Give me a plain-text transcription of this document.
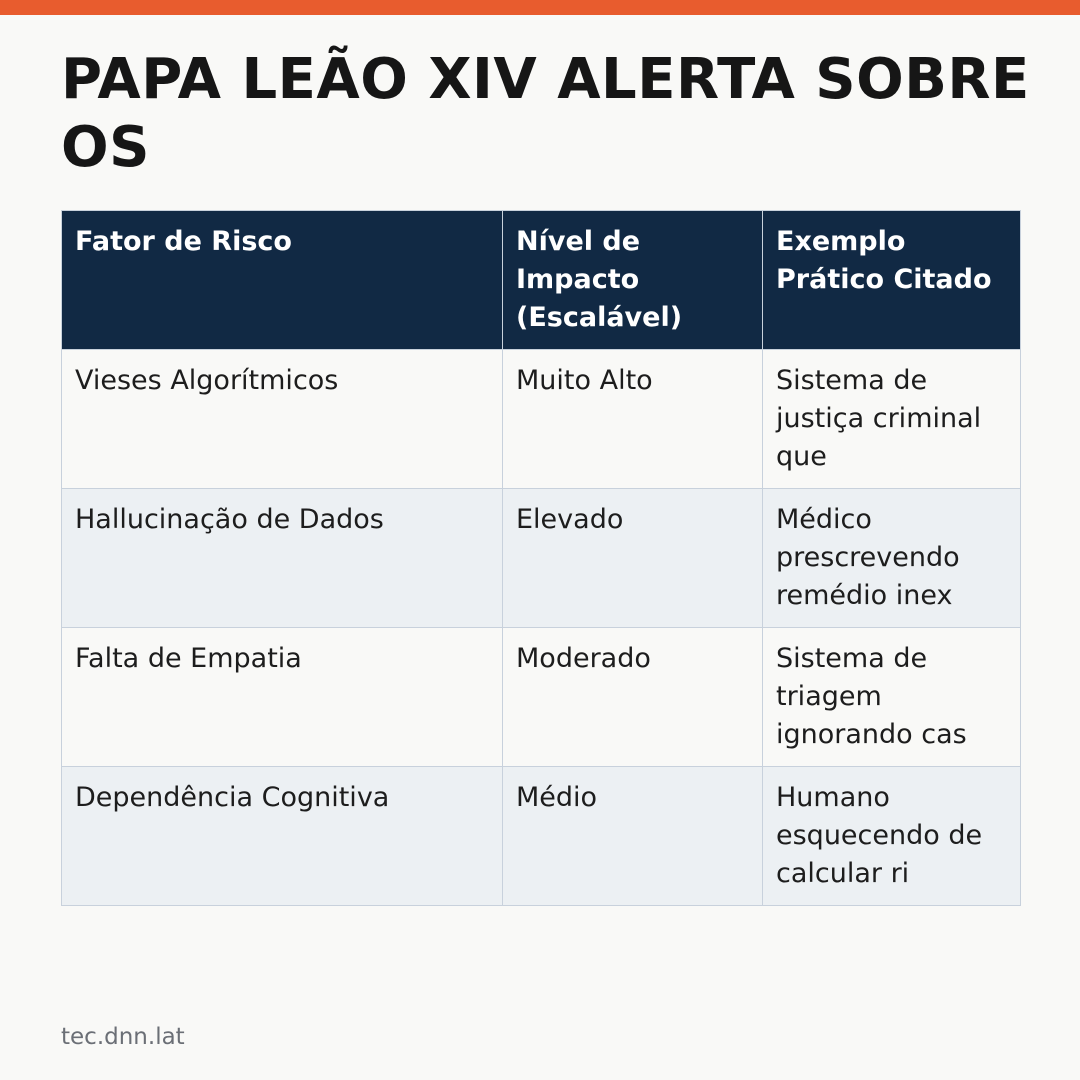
PAPA LEÃO XIV ALERTA SOBRE OS
Fator de Risco	Nível de Impacto (Escalável)	Exemplo Prático Citado
Vieses Algorítmicos	Muito Alto	Sistema de justiça criminal que
Hallucinação de Dados	Elevado	Médico prescrevendo remédio inex
Falta de Empatia	Moderado	Sistema de triagem ignorando cas
Dependência Cognitiva	Médio	Humano esquecendo de calcular ri
tec.dnn.lat
